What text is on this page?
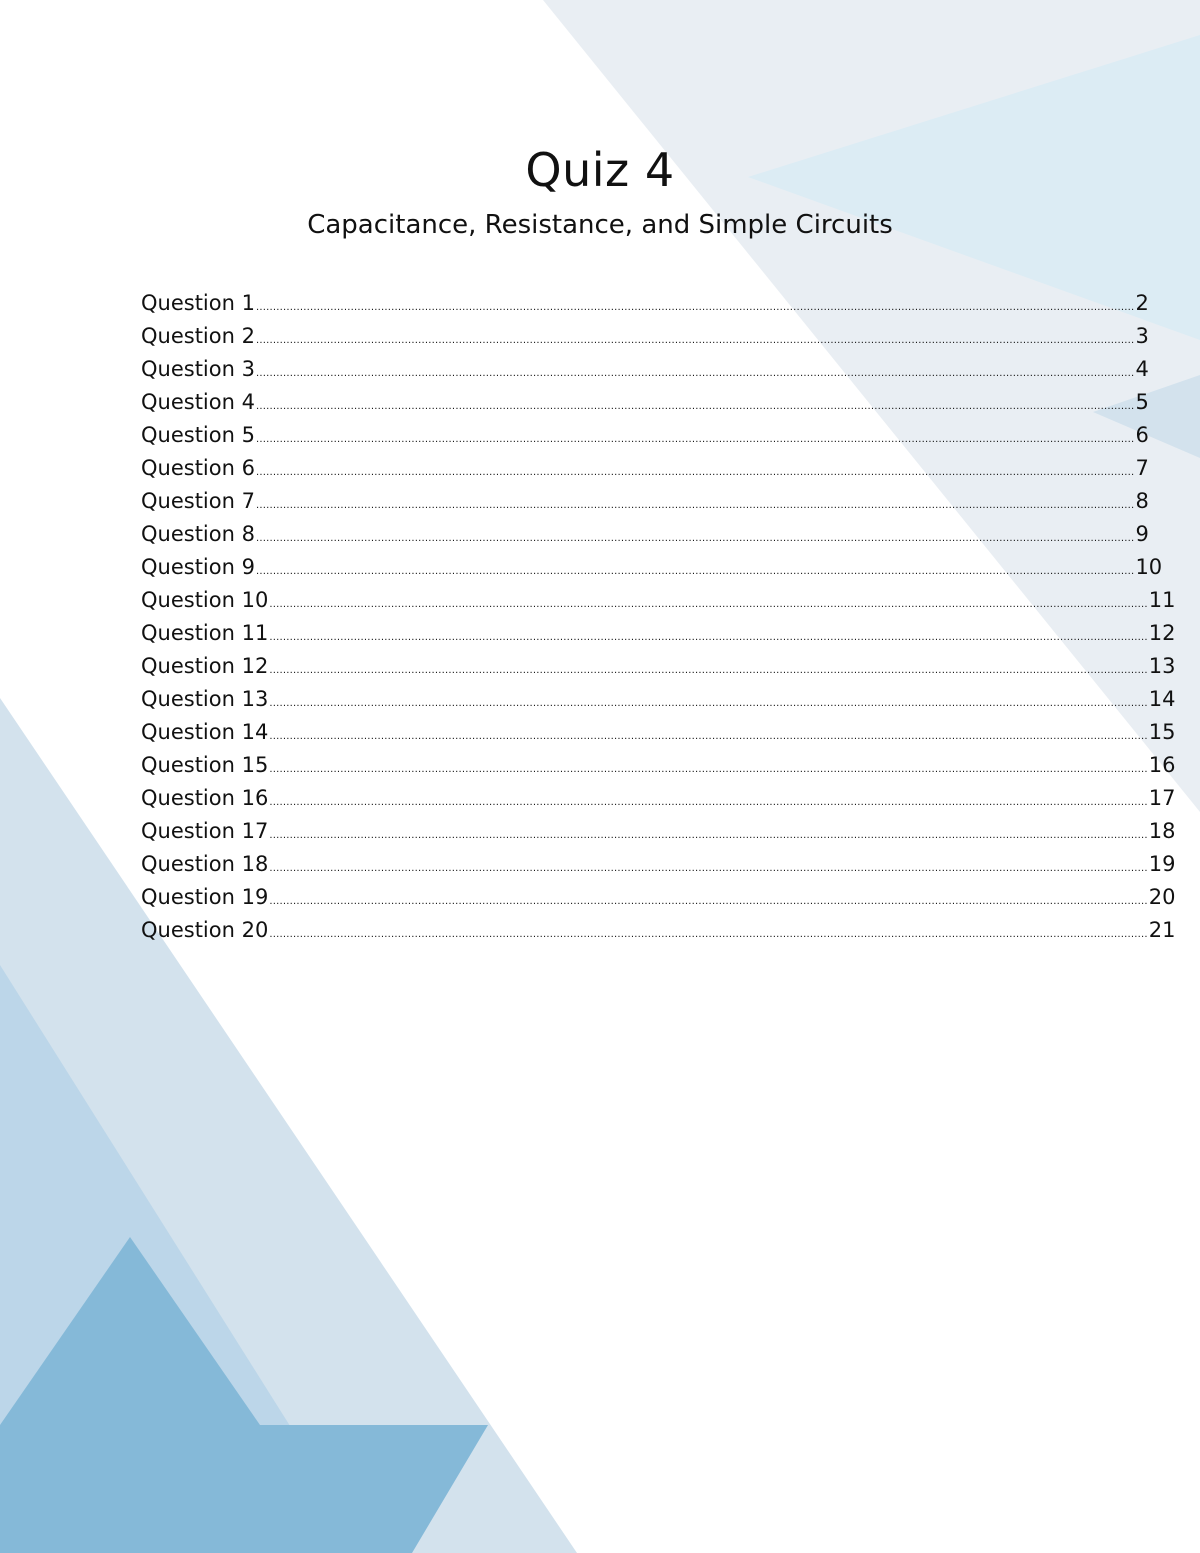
Quiz 4
Capacitance, Resistance, and Simple Circuits
Question 1 .................................................................................................................................................................................................................................................................... 2
Question 2 .................................................................................................................................................................................................................................................................... 3
Question 3 .................................................................................................................................................................................................................................................................... 4
Question 4 .................................................................................................................................................................................................................................................................... 5
Question 5 .................................................................................................................................................................................................................................................................... 6
Question 6 .................................................................................................................................................................................................................................................................... 7
Question 7 .................................................................................................................................................................................................................................................................... 8
Question 8 .................................................................................................................................................................................................................................................................... 9
Question 9 .................................................................................................................................................................................................................................................................... 10
Question 10 .................................................................................................................................................................................................................................................................... 11
Question 11 .................................................................................................................................................................................................................................................................... 12
Question 12 .................................................................................................................................................................................................................................................................... 13
Question 13 .................................................................................................................................................................................................................................................................... 14
Question 14 .................................................................................................................................................................................................................................................................... 15
Question 15 .................................................................................................................................................................................................................................................................... 16
Question 16 .................................................................................................................................................................................................................................................................... 17
Question 17 .................................................................................................................................................................................................................................................................... 18
Question 18 .................................................................................................................................................................................................................................................................... 19
Question 19 .................................................................................................................................................................................................................................................................... 20
Question 20 .................................................................................................................................................................................................................................................................... 21
